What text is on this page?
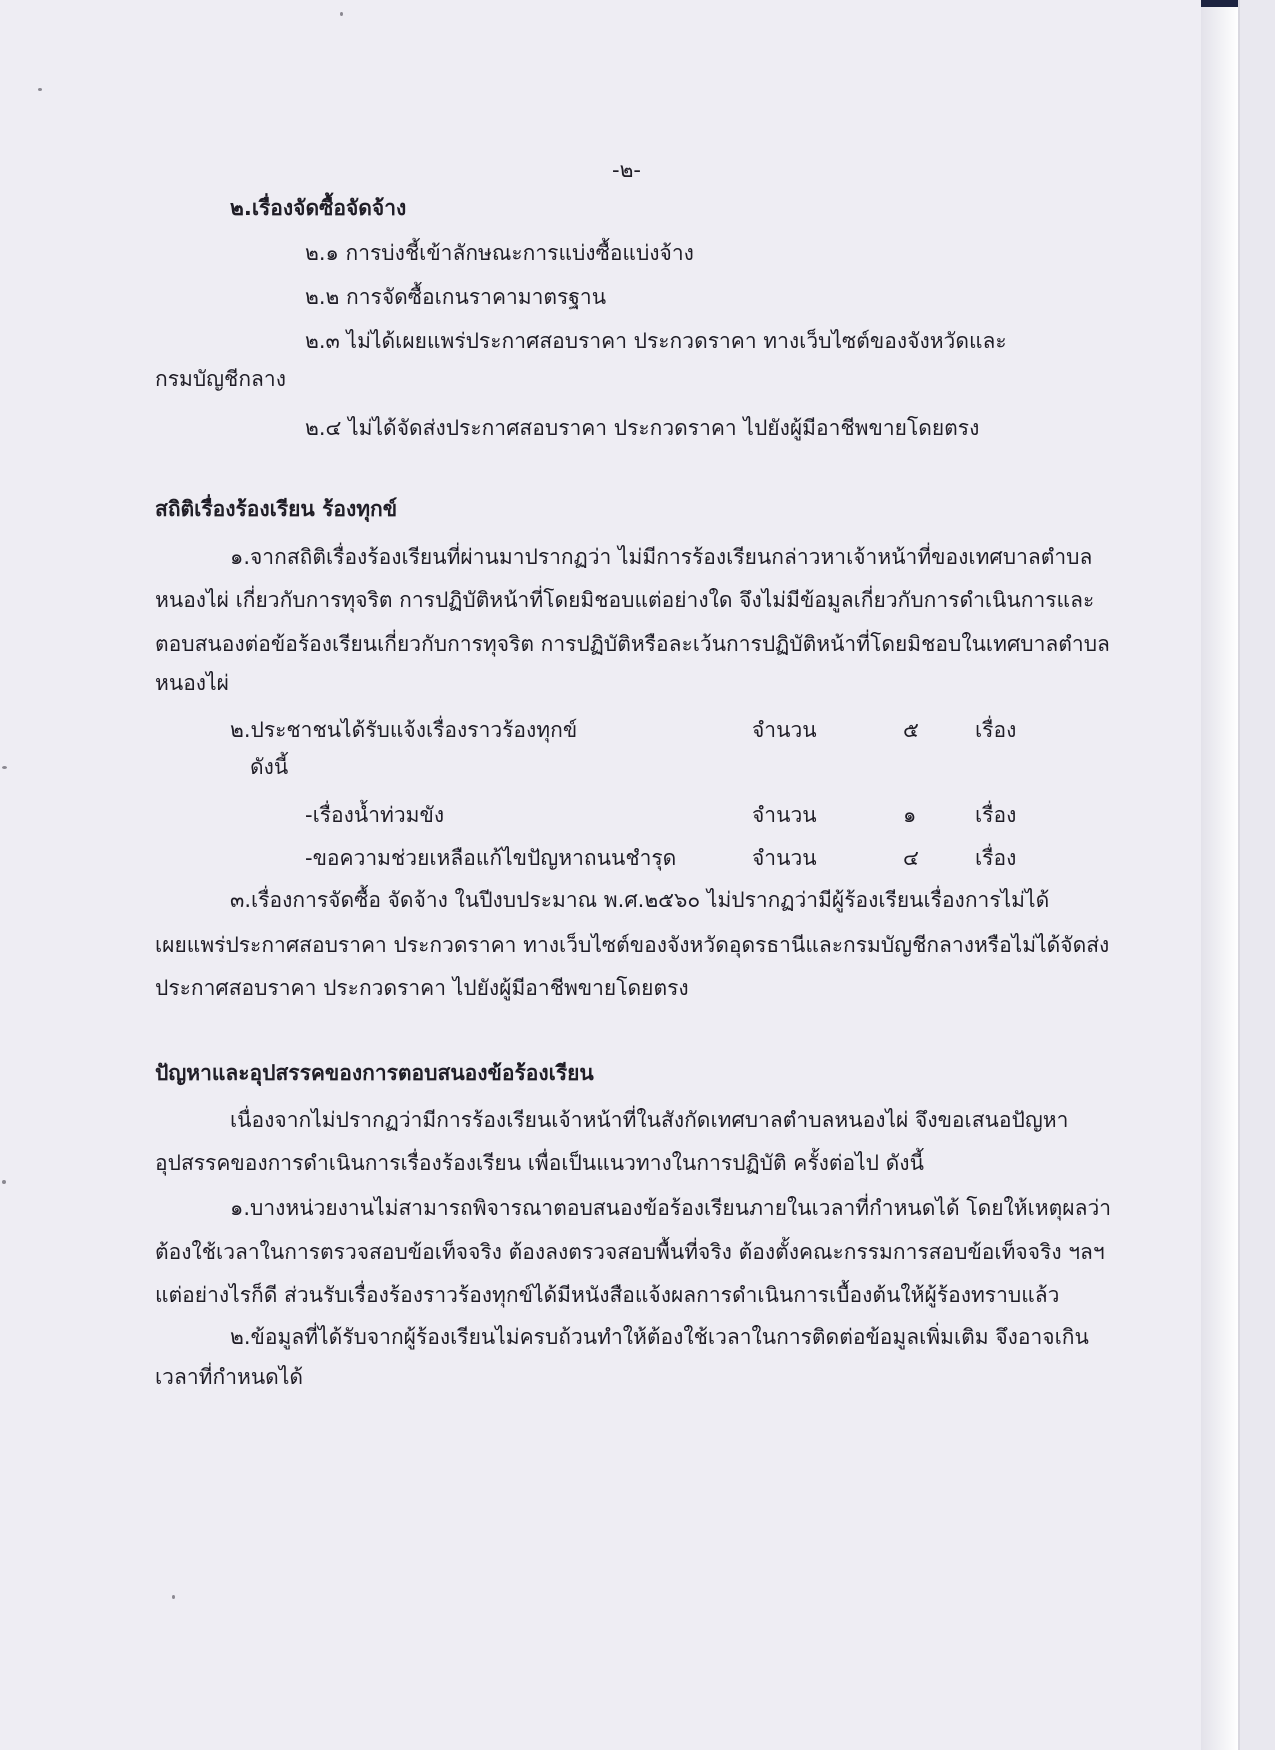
-๒-
๒.เรื่องจัดซื้อจัดจ้าง
๒.๑ การบ่งชี้เข้าลักษณะการแบ่งซื้อแบ่งจ้าง
๒.๒ การจัดซื้อเกนราคามาตรฐาน
๒.๓ ไม่ได้เผยแพร่ประกาศสอบราคา ประกวดราคา ทางเว็บไซต์ของจังหวัดและ
กรมบัญชีกลาง
๒.๔ ไม่ได้จัดส่งประกาศสอบราคา ประกวดราคา ไปยังผู้มีอาชีพขายโดยตรง
สถิติเรื่องร้องเรียน ร้องทุกข์
๑.จากสถิติเรื่องร้องเรียนที่ผ่านมาปรากฏว่า ไม่มีการร้องเรียนกล่าวหาเจ้าหน้าที่ของเทศบาลตำบล
หนองไผ่ เกี่ยวกับการทุจริต การปฏิบัติหน้าที่โดยมิชอบแต่อย่างใด จึงไม่มีข้อมูลเกี่ยวกับการดำเนินการและ
ตอบสนองต่อข้อร้องเรียนเกี่ยวกับการทุจริต การปฏิบัติหรือละเว้นการปฏิบัติหน้าที่โดยมิชอบในเทศบาลตำบล
หนองไผ่
๒.ประชาชนได้รับแจ้งเรื่องราวร้องทุกข์	จำนวน	๕	เรื่อง
ดังนี้
-เรื่องน้ำท่วมขัง	จำนวน	๑	เรื่อง
-ขอความช่วยเหลือแก้ไขปัญหาถนนชำรุด	จำนวน	๔	เรื่อง
๓.เรื่องการจัดซื้อ จัดจ้าง ในปีงบประมาณ พ.ศ.๒๕๖๐ ไม่ปรากฏว่ามีผู้ร้องเรียนเรื่องการไม่ได้
เผยแพร่ประกาศสอบราคา ประกวดราคา ทางเว็บไซต์ของจังหวัดอุดรธานีและกรมบัญชีกลางหรือไม่ได้จัดส่ง
ประกาศสอบราคา ประกวดราคา ไปยังผู้มีอาชีพขายโดยตรง
ปัญหาและอุปสรรคของการตอบสนองข้อร้องเรียน
เนื่องจากไม่ปรากฏว่ามีการร้องเรียนเจ้าหน้าที่ในสังกัดเทศบาลตำบลหนองไผ่ จึงขอเสนอปัญหา
อุปสรรคของการดำเนินการเรื่องร้องเรียน เพื่อเป็นแนวทางในการปฏิบัติ ครั้งต่อไป ดังนี้
๑.บางหน่วยงานไม่สามารถพิจารณาตอบสนองข้อร้องเรียนภายในเวลาที่กำหนดได้ โดยให้เหตุผลว่า
ต้องใช้เวลาในการตรวจสอบข้อเท็จจริง ต้องลงตรวจสอบพื้นที่จริง ต้องตั้งคณะกรรมการสอบข้อเท็จจริง ฯลฯ
แต่อย่างไรก็ดี ส่วนรับเรื่องร้องราวร้องทุกข์ได้มีหนังสือแจ้งผลการดำเนินการเบื้องต้นให้ผู้ร้องทราบแล้ว
๒.ข้อมูลที่ได้รับจากผู้ร้องเรียนไม่ครบถ้วนทำให้ต้องใช้เวลาในการติดต่อข้อมูลเพิ่มเติม จึงอาจเกิน
เวลาที่กำหนดได้
